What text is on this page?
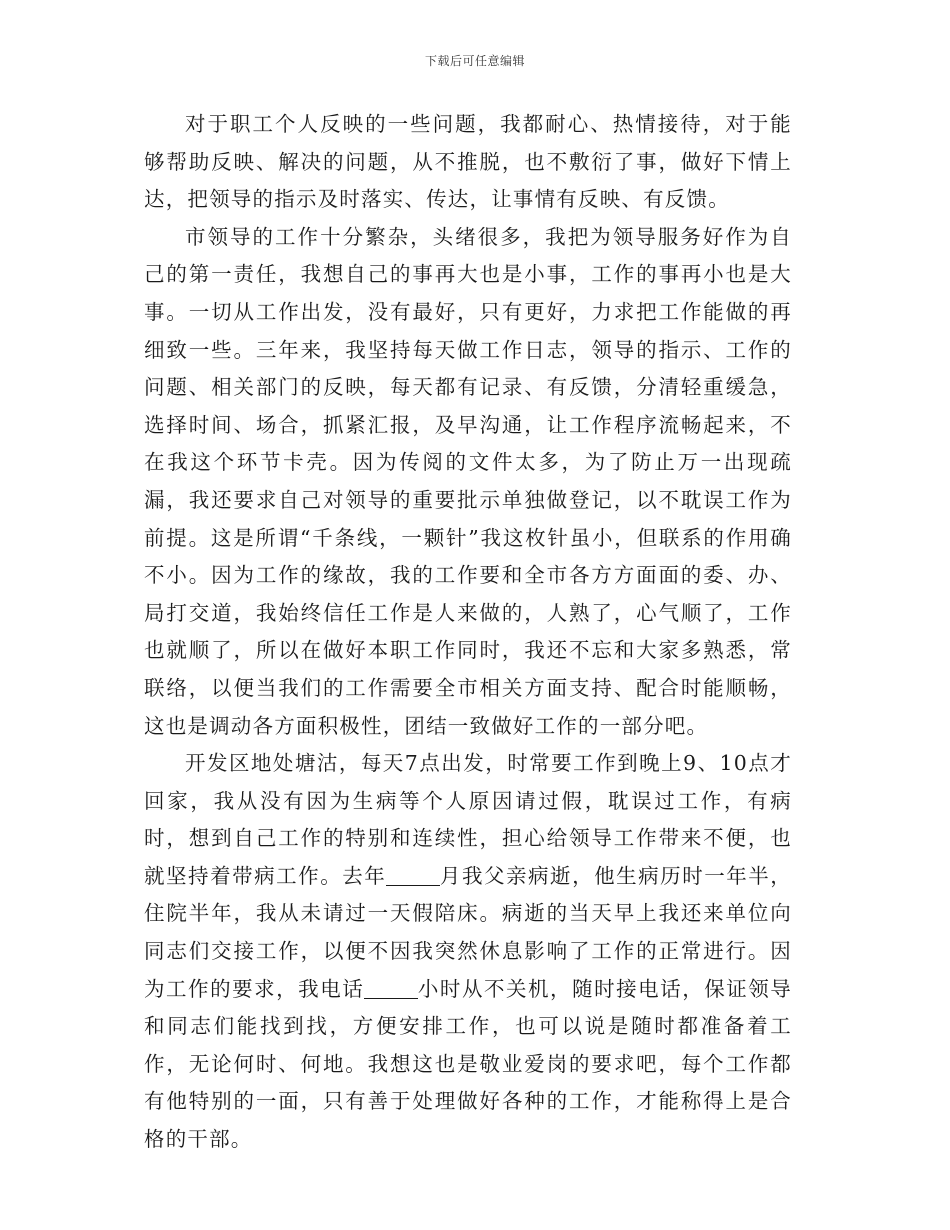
下载后可任意编辑

对于职工个人反映的一些问题，我都耐心、热情接待，对于能够帮助反映、解决的问题，从不推脱，也不敷衍了事，做好下情上达，把领导的指示及时落实、传达，让事情有反映、有反馈。

市领导的工作十分繁杂，头绪很多，我把为领导服务好作为自己的第一责任，我想自己的事再大也是小事，工作的事再小也是大事。一切从工作出发，没有最好，只有更好，力求把工作能做的再细致一些。三年来，我坚持每天做工作日志，领导的指示、工作的问题、相关部门的反映，每天都有记录、有反馈，分清轻重缓急，选择时间、场合，抓紧汇报，及早沟通，让工作程序流畅起来，不在我这个环节卡壳。因为传阅的文件太多，为了防止万一出现疏漏，我还要求自己对领导的重要批示单独做登记，以不耽误工作为前提。这是所谓“千条线，一颗针”我这枚针虽小，但联系的作用确不小。因为工作的缘故，我的工作要和全市各方方面面的委、办、局打交道，我始终信任工作是人来做的，人熟了，心气顺了，工作也就顺了，所以在做好本职工作同时，我还不忘和大家多熟悉，常联络，以便当我们的工作需要全市相关方面支持、配合时能顺畅，这也是调动各方面积极性，团结一致做好工作的一部分吧。

开发区地处塘沽，每天7点出发，时常要工作到晚上9、10点才回家，我从没有因为生病等个人原因请过假，耽误过工作，有病时，想到自己工作的特别和连续性，担心给领导工作带来不便，也就坚持着带病工作。去年	月我父亲病逝，他生病历时一年半，住院半年，我从未请过一天假陪床。病逝的当天早上我还来单位向同志们交接工作，以便不因我突然休息影响了工作的正常进行。因为工作的要求，我电话	小时从不关机，随时接电话，保证领导和同志们能找到找，方便安排工作，也可以说是随时都准备着工作，无论何时、何地。我想这也是敬业爱岗的要求吧，每个工作都有他特别的一面，只有善于处理做好各种的工作，才能称得上是合格的干部。
